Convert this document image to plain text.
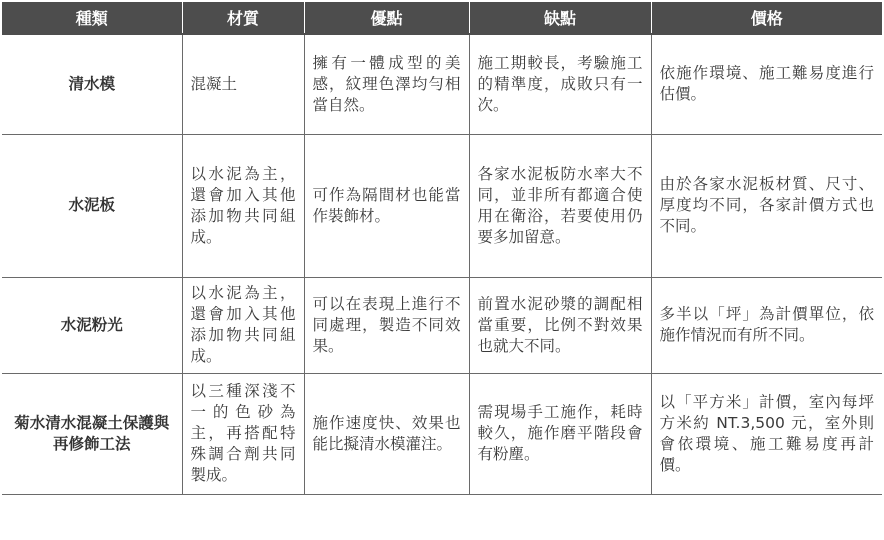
種類	材質	優點	缺點	價格
清水模	混凝土	擁有一體成型的美感，紋理色澤均勻相當自然。	施工期較長，考驗施工的精準度，成敗只有一次。	依施作環境、施工難易度進行估價。
水泥板	以水泥為主，還會加入其他添加物共同組成。	可作為隔間材也能當作裝飾材。	各家水泥板防水率大不同，並非所有都適合使用在衛浴，若要使用仍要多加留意。	由於各家水泥板材質、尺寸、厚度均不同，各家計價方式也不同。
水泥粉光	以水泥為主，還會加入其他添加物共同組成。	可以在表現上進行不同處理，製造不同效果。	前置水泥砂漿的調配相當重要，比例不對效果也就大不同。	多半以「坪」為計價單位，依施作情況而有所不同。
菊水清水混凝土保護與再修飾工法	以三種深淺不一的色砂為主，再搭配特殊調合劑共同製成。	施作速度快、效果也能比擬清水模灌注。	需現場手工施作，耗時較久，施作磨平階段會有粉塵。	以「平方米」計價，室內每坪方米約 NT.3,500 元，室外則會依環境、施工難易度再計價。
